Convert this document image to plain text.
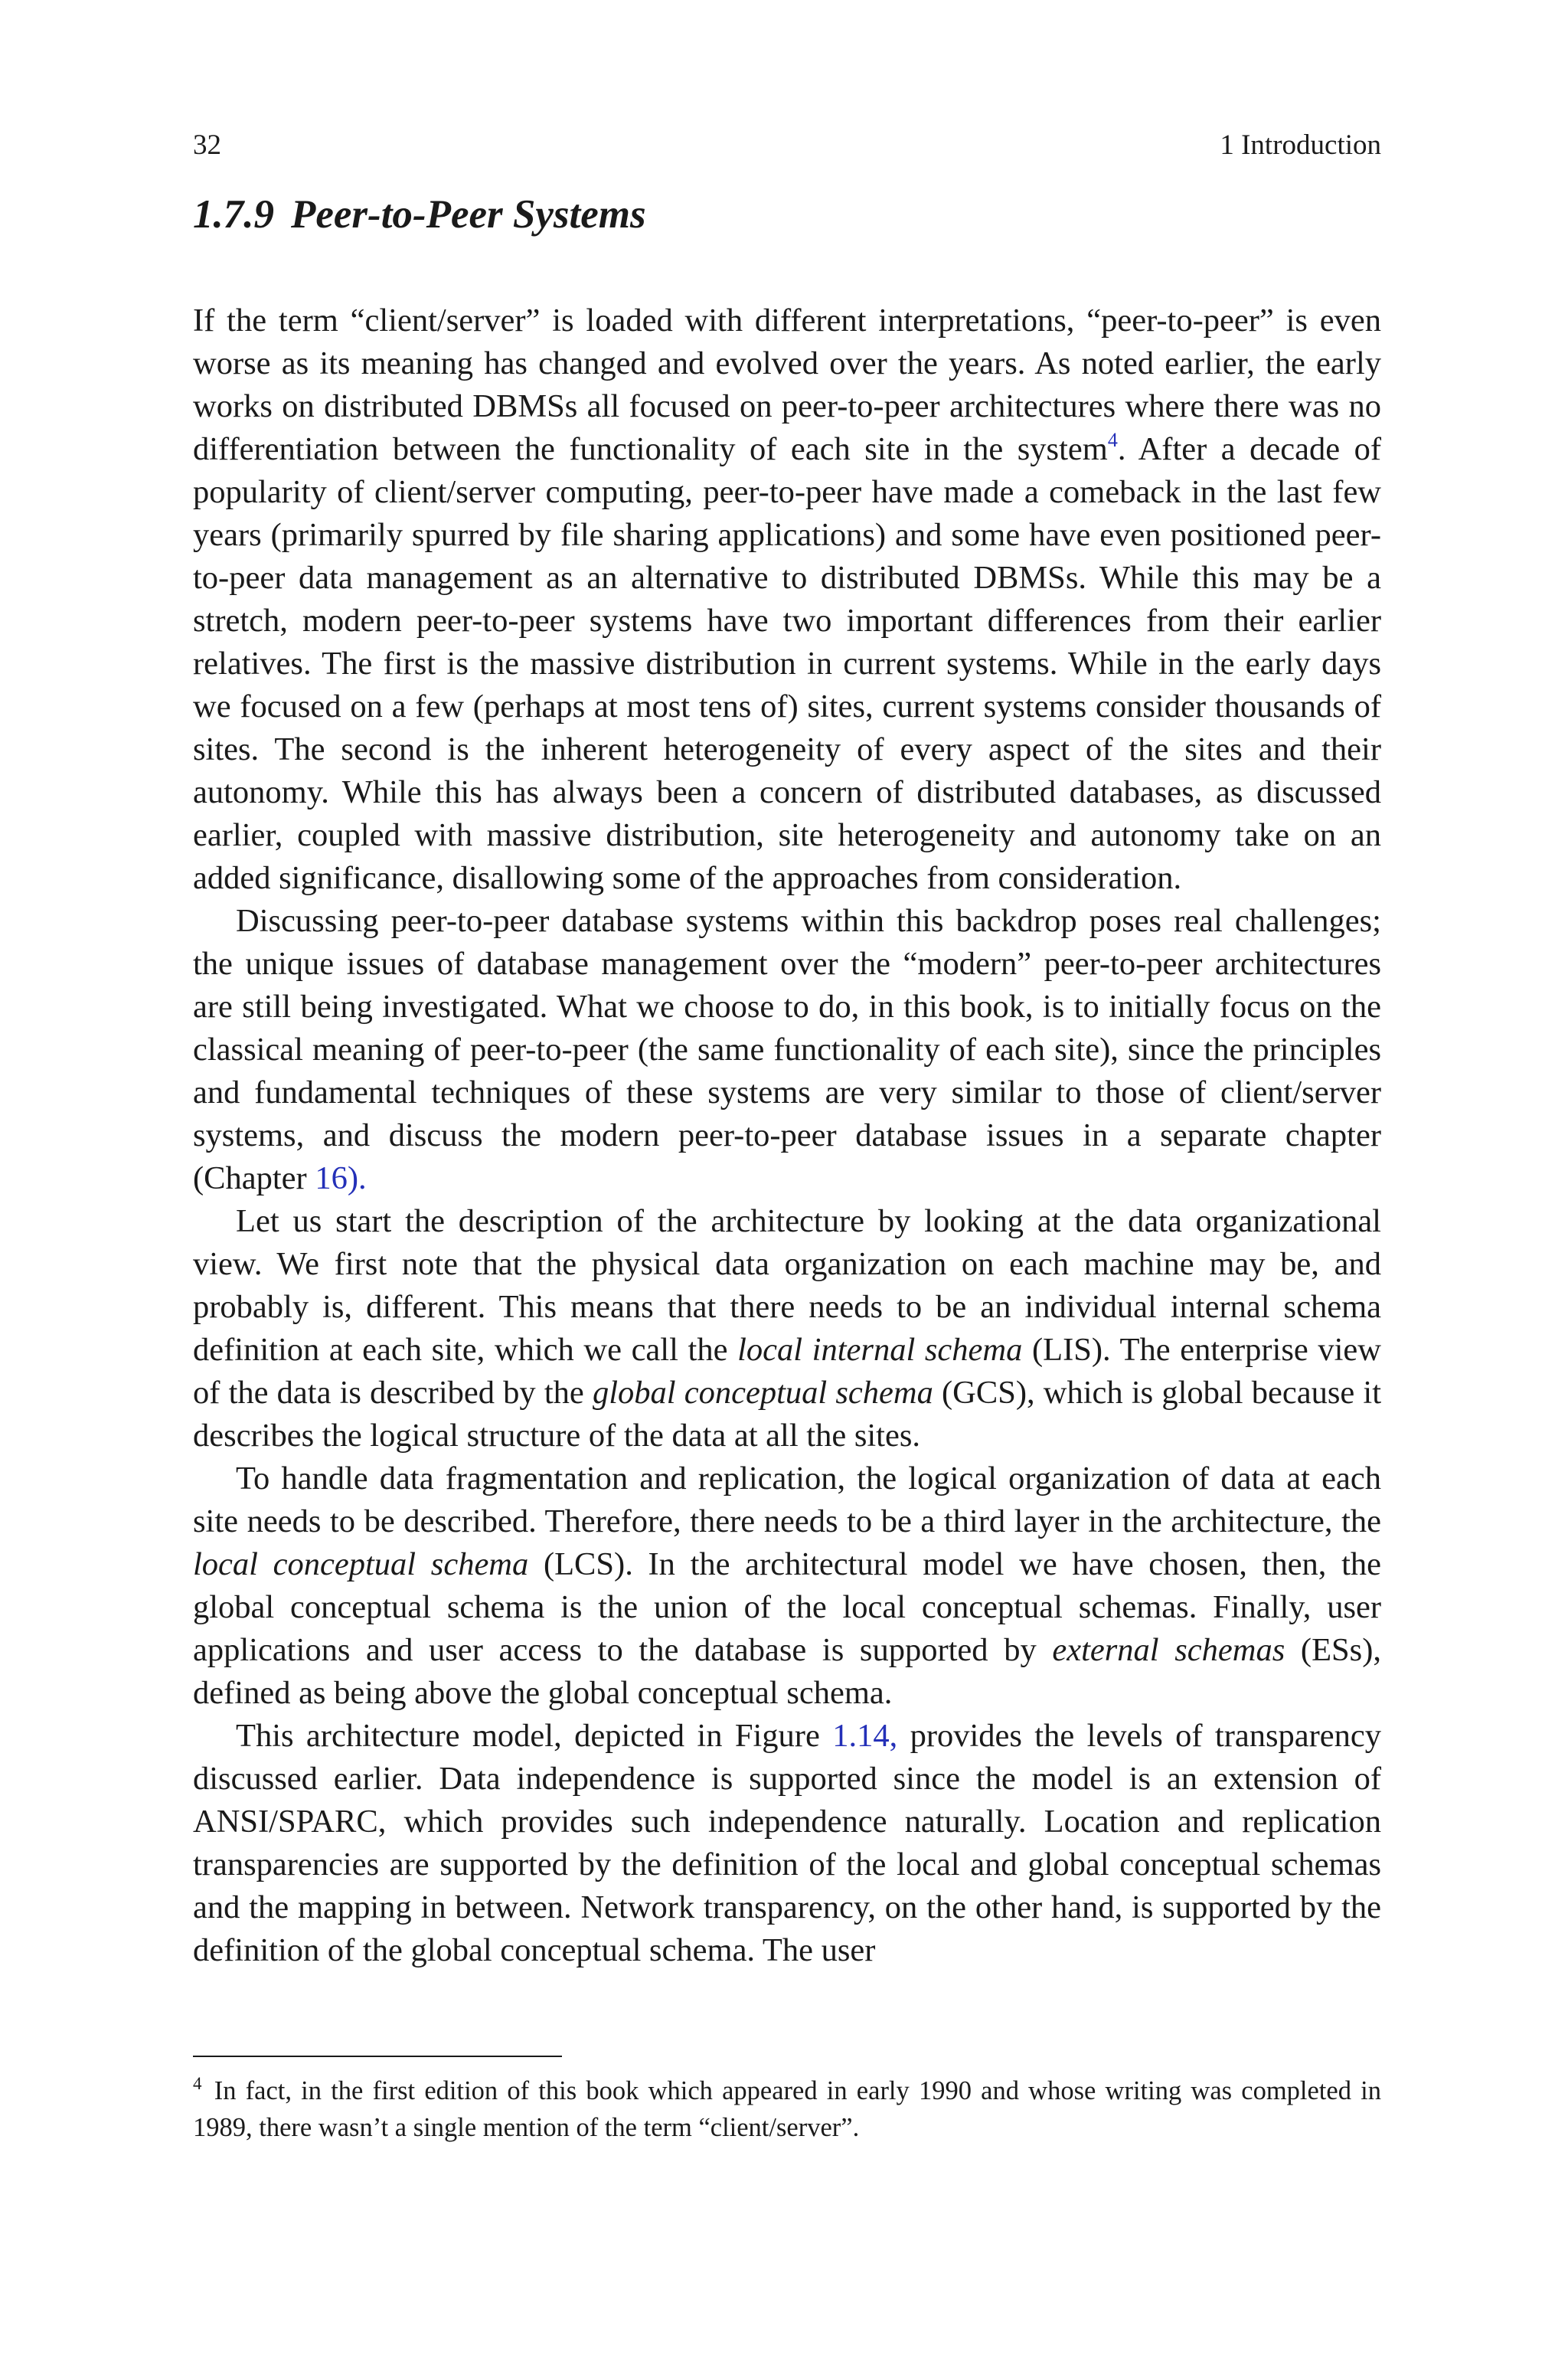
32	1 Introduction
1.7.9 Peer-to-Peer Systems

If the term “client/server” is loaded with different interpretations, “peer-to-peer” is even worse as its meaning has changed and evolved over the years. As noted earlier, the early works on distributed DBMSs all focused on peer-to-peer architectures where there was no differentiation between the functionality of each site in the system$^4$. After a decade of popularity of client/server computing, peer-to-peer have made a comeback in the last few years (primarily spurred by file sharing applications) and some have even positioned peer-to-peer data management as an alternative to distributed DBMSs. While this may be a stretch, modern peer-to-peer systems have two important differences from their earlier relatives. The first is the massive distribution in current systems. While in the early days we focused on a few (perhaps at most tens of) sites, current systems consider thousands of sites. The second is the inherent heterogeneity of every aspect of the sites and their autonomy. While this has always been a concern of distributed databases, as discussed earlier, coupled with massive distribution, site heterogeneity and autonomy take on an added significance, disallowing some of the approaches from consideration.

Discussing peer-to-peer database systems within this backdrop poses real challenges; the unique issues of database management over the “modern” peer-to-peer architectures are still being investigated. What we choose to do, in this book, is to initially focus on the classical meaning of peer-to-peer (the same functionality of each site), since the principles and fundamental techniques of these systems are very similar to those of client/server systems, and discuss the modern peer-to-peer database issues in a separate chapter (Chapter 16).

Let us start the description of the architecture by looking at the data organizational view. We first note that the physical data organization on each machine may be, and probably is, different. This means that there needs to be an individual internal schema definition at each site, which we call the local internal schema (LIS). The enterprise view of the data is described by the global conceptual schema (GCS), which is global because it describes the logical structure of the data at all the sites.

To handle data fragmentation and replication, the logical organization of data at each site needs to be described. Therefore, there needs to be a third layer in the architecture, the local conceptual schema (LCS). In the architectural model we have chosen, then, the global conceptual schema is the union of the local conceptual schemas. Finally, user applications and user access to the database is supported by external schemas (ESs), defined as being above the global conceptual schema.

This architecture model, depicted in Figure 1.14, provides the levels of transparency discussed earlier. Data independence is supported since the model is an extension of ANSI/SPARC, which provides such independence naturally. Location and replication transparencies are supported by the definition of the local and global conceptual schemas and the mapping in between. Network transparency, on the other hand, is supported by the definition of the global conceptual schema. The user

$^4$ In fact, in the first edition of this book which appeared in early 1990 and whose writing was completed in 1989, there wasn’t a single mention of the term “client/server”.
